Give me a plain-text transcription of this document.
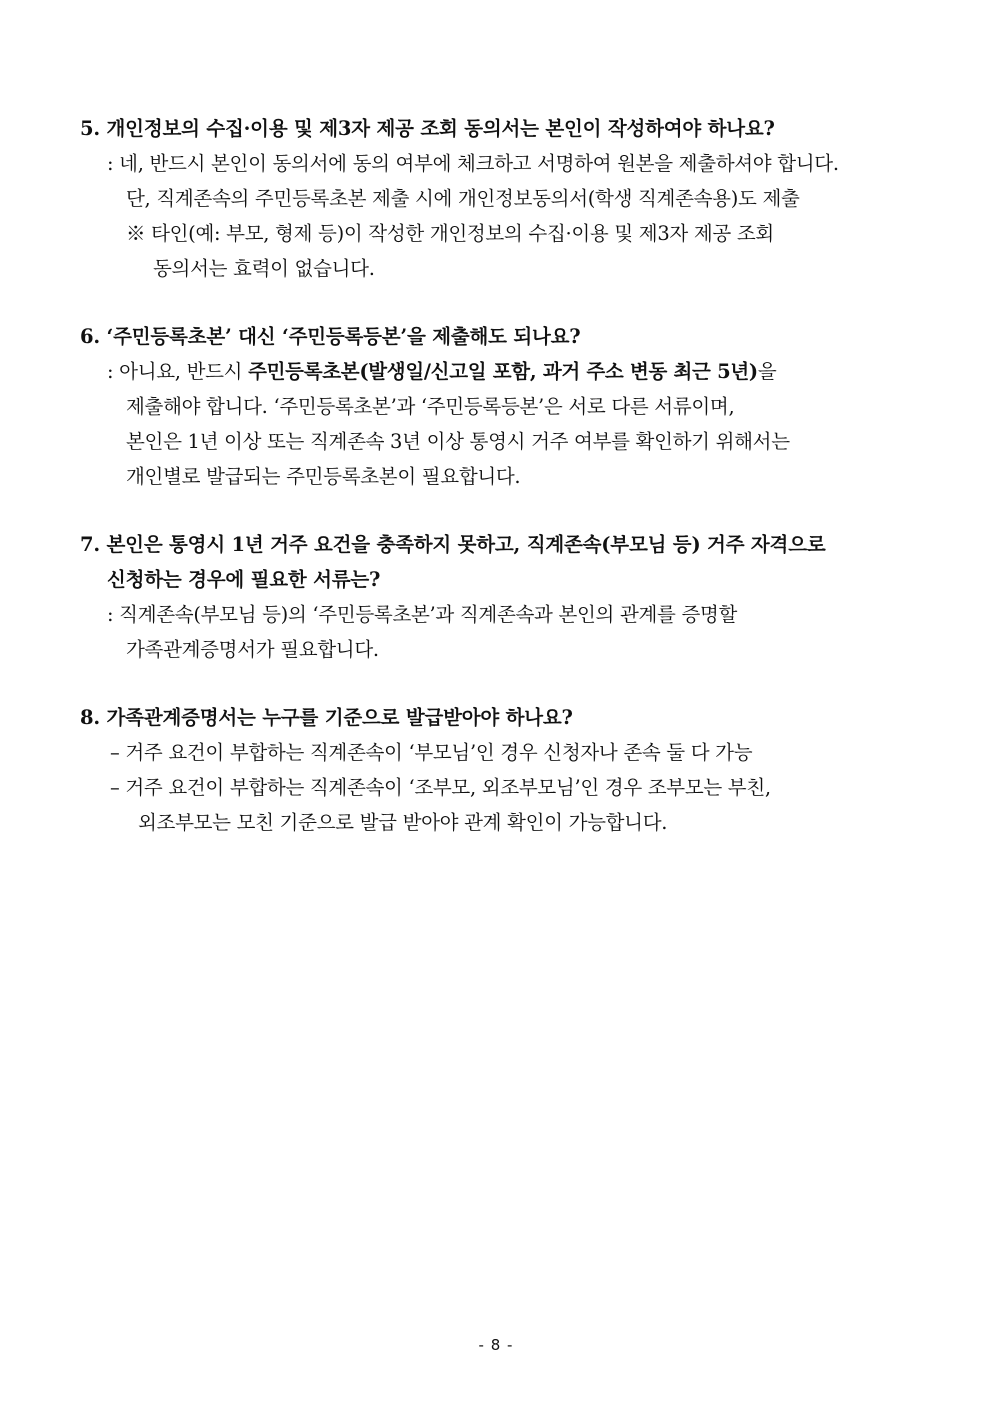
5. 개인정보의 수집·이용 및 제3자 제공 조회 동의서는 본인이 작성하여야 하나요?
: 네, 반드시 본인이 동의서에 동의 여부에 체크하고 서명하여 원본을 제출하셔야 합니다.
단, 직계존속의 주민등록초본 제출 시에 개인정보동의서(학생 직계존속용)도 제출
※ 타인(예: 부모, 형제 등)이 작성한 개인정보의 수집·이용 및 제3자 제공 조회
동의서는 효력이 없습니다.
6. ‘주민등록초본’ 대신 ‘주민등록등본’을 제출해도 되나요?
: 아니요, 반드시 주민등록초본(발생일/신고일 포함, 과거 주소 변동 최근 5년)을
제출해야 합니다. ‘주민등록초본’과 ‘주민등록등본’은 서로 다른 서류이며,
본인은 1년 이상 또는 직계존속 3년 이상 통영시 거주 여부를 확인하기 위해서는
개인별로 발급되는 주민등록초본이 필요합니다.
7. 본인은 통영시 1년 거주 요건을 충족하지 못하고, 직계존속(부모님 등) 거주 자격으로
신청하는 경우에 필요한 서류는?
: 직계존속(부모님 등)의 ‘주민등록초본’과 직계존속과 본인의 관계를 증명할
가족관계증명서가 필요합니다.
8. 가족관계증명서는 누구를 기준으로 발급받아야 하나요?
– 거주 요건이 부합하는 직계존속이 ‘부모님’인 경우 신청자나 존속 둘 다 가능
– 거주 요건이 부합하는 직계존속이 ‘조부모, 외조부모님’인 경우 조부모는 부친,
외조부모는 모친 기준으로 발급 받아야 관계 확인이 가능합니다.
- 8 -
